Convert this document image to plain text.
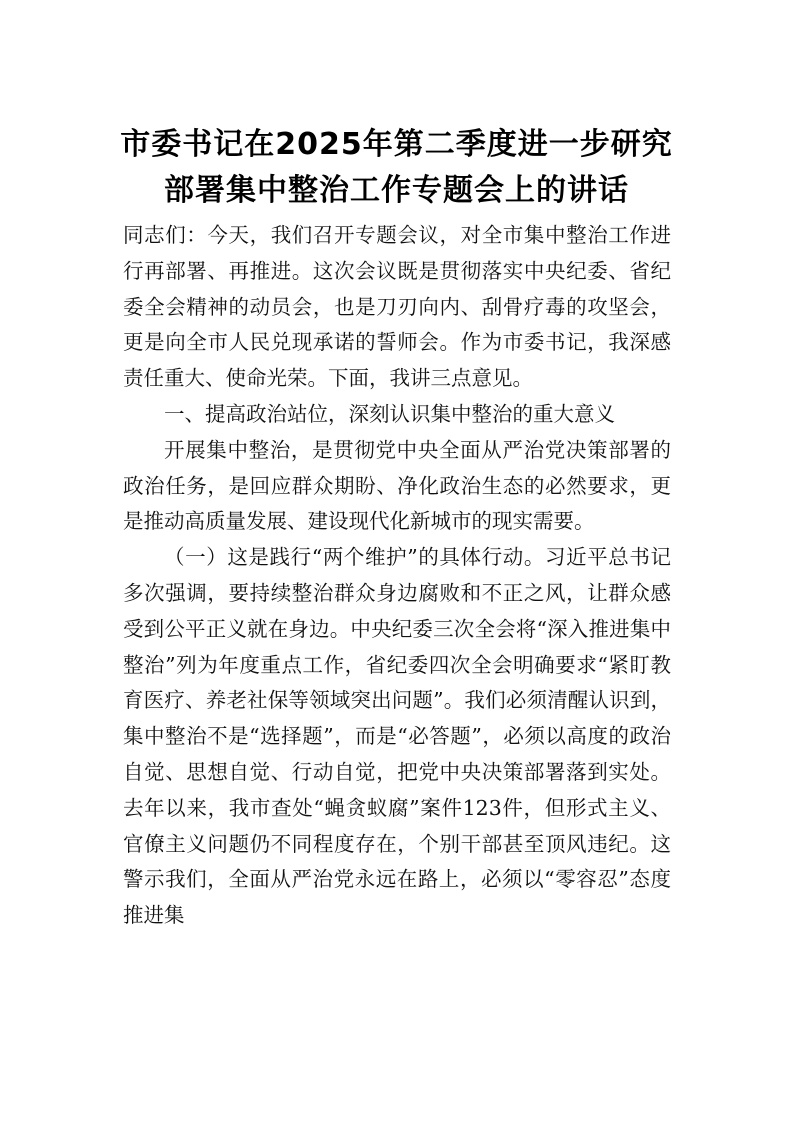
市委书记在2025年第二季度进一步研究部署集中整治工作专题会上的讲话

同志们：今天，我们召开专题会议，对全市集中整治工作进行再部署、再推进。这次会议既是贯彻落实中央纪委、省纪委全会精神的动员会，也是刀刃向内、刮骨疗毒的攻坚会，更是向全市人民兑现承诺的誓师会。作为市委书记，我深感责任重大、使命光荣。下面，我讲三点意见。

一、提高政治站位，深刻认识集中整治的重大意义

开展集中整治，是贯彻党中央全面从严治党决策部署的政治任务，是回应群众期盼、净化政治生态的必然要求，更是推动高质量发展、建设现代化新城市的现实需要。

（一）这是践行“两个维护”的具体行动。习近平总书记多次强调，要持续整治群众身边腐败和不正之风，让群众感受到公平正义就在身边。中央纪委三次全会将“深入推进集中整治”列为年度重点工作，省纪委四次全会明确要求“紧盯教育医疗、养老社保等领域突出问题”。我们必须清醒认识到，集中整治不是“选择题”，而是“必答题”，必须以高度的政治自觉、思想自觉、行动自觉，把党中央决策部署落到实处。去年以来，我市查处“蝇贪蚁腐”案件123件，但形式主义、官僚主义问题仍不同程度存在，个别干部甚至顶风违纪。这警示我们，全面从严治党永远在路上，必须以“零容忍”态度推进集
